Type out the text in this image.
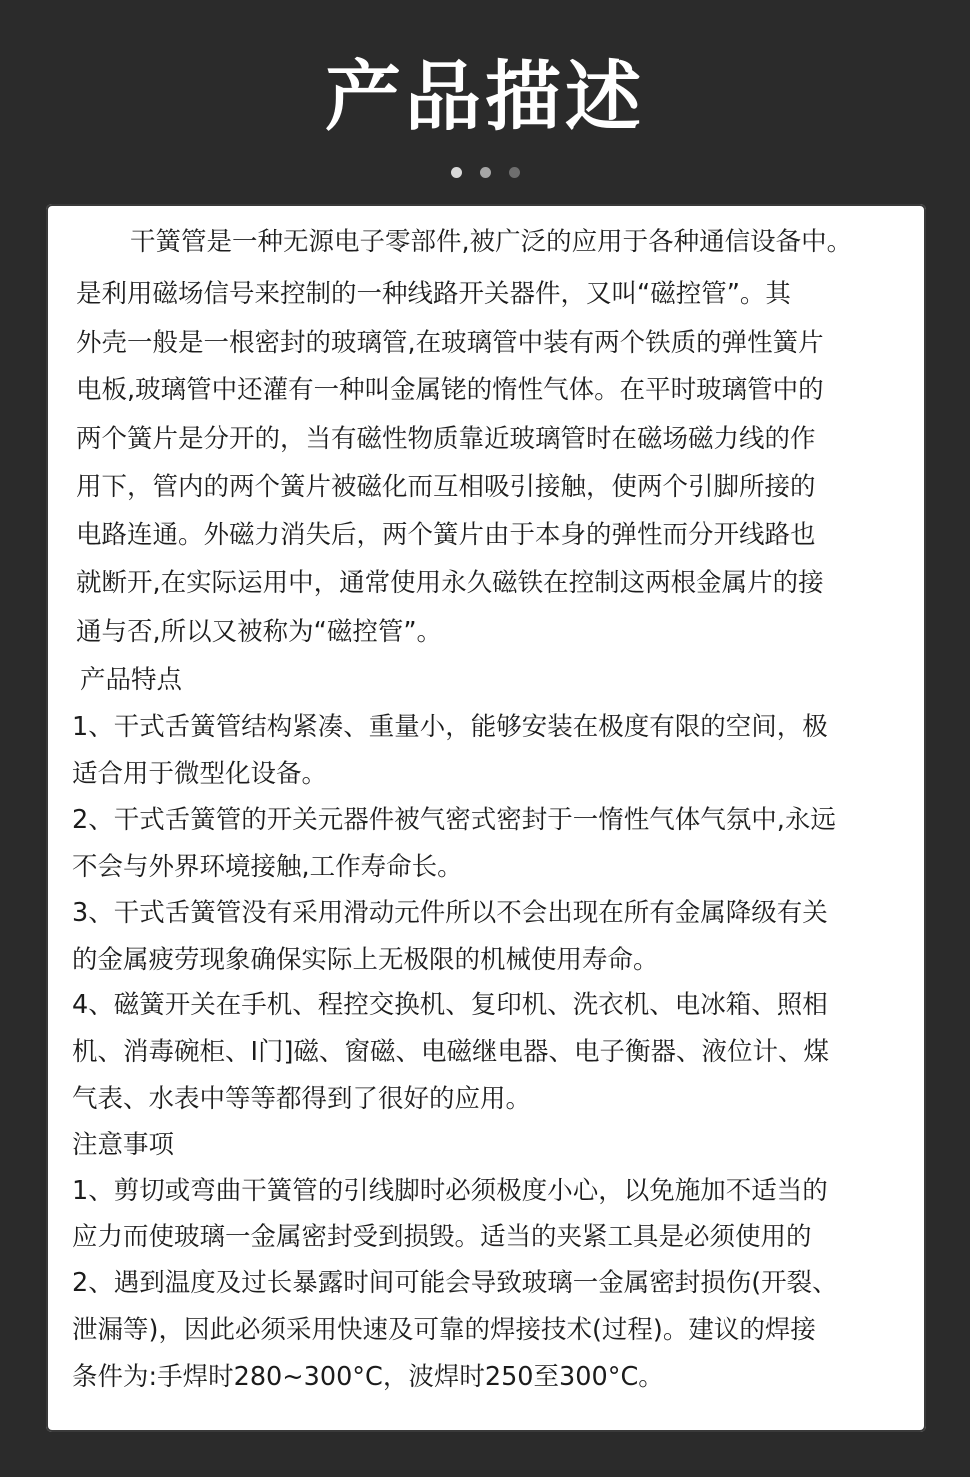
产品描述

干簧管是一种无源电子零部件,被广泛的应用于各种通信设备中。
是利用磁场信号来控制的一种线路开关器件，又叫“磁控管”。其
外壳一般是一根密封的玻璃管,在玻璃管中装有两个铁质的弹性簧片
电板,玻璃管中还灌有一种叫金属铑的惰性气体。在平时玻璃管中的
两个簧片是分开的，当有磁性物质靠近玻璃管时在磁场磁力线的作
用下，管内的两个簧片被磁化而互相吸引接触，使两个引脚所接的
电路连通。外磁力消失后，两个簧片由于本身的弹性而分开线路也
就断开,在实际运用中，通常使用永久磁铁在控制这两根金属片的接
通与否,所以又被称为“磁控管”。
产品特点
1、干式舌簧管结构紧凑、重量小，能够安装在极度有限的空间，极
适合用于微型化设备。
2、干式舌簧管的开关元器件被气密式密封于一惰性气体气氛中,永远
不会与外界环境接触,工作寿命长。
3、干式舌簧管没有采用滑动元件所以不会出现在所有金属降级有关
的金属疲劳现象确保实际上无极限的机械使用寿命。
4、磁簧开关在手机、程控交换机、复印机、洗衣机、电冰箱、照相
机、消毒碗柜、I门]磁、窗磁、电磁继电器、电子衡器、液位计、煤
气表、水表中等等都得到了很好的应用。
注意事项
1、剪切或弯曲干簧管的引线脚时必须极度小心，以免施加不适当的
应力而使玻璃一金属密封受到损毁。适当的夹紧工具是必须使用的
2、遇到温度及过长暴露时间可能会导致玻璃一金属密封损伤(开裂、
泄漏等)，因此必须采用快速及可靠的焊接技术(过程)。建议的焊接
条件为:手焊时280~300°C，波焊时250至300°C。
